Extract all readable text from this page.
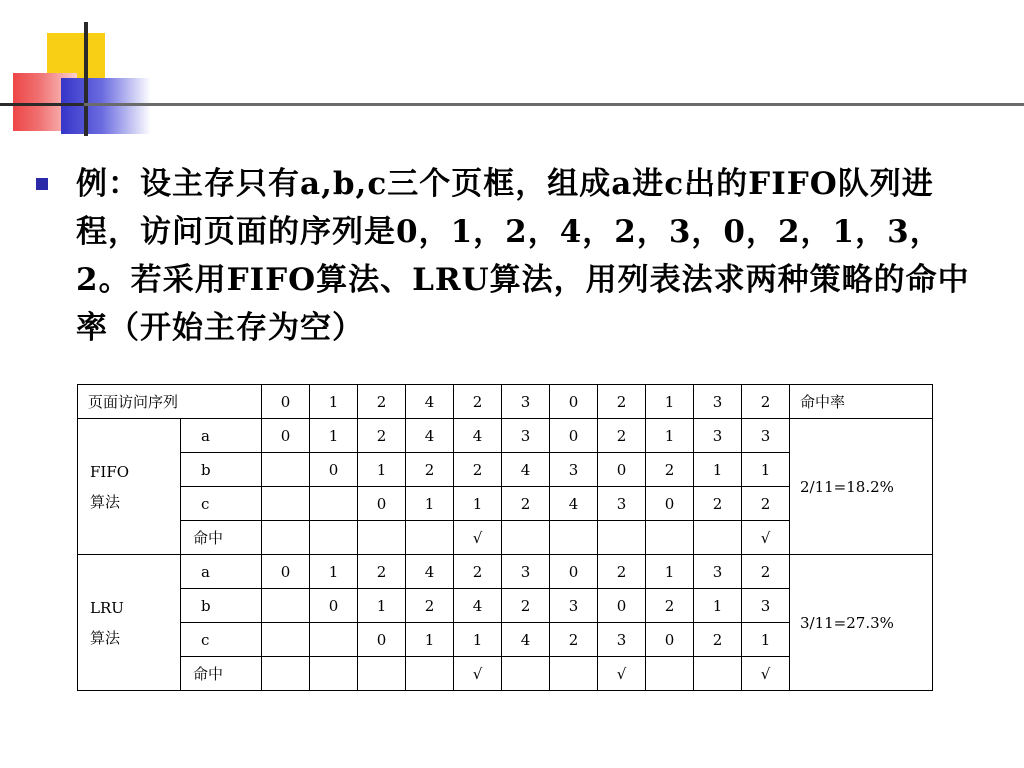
例：设主存只有a,b,c三个页框，组成a进c出的FIFO队列进程，访问页面的序列是0，1，2，4，2，3，0，2，1，3，2。若采用FIFO算法、LRU算法，用列表法求两种策略的命中率（开始主存为空）
页面访问序列		0	1	2	4	2	3	0	2	1	3	2	命中率

FIFO
算法	a	0	1	2	4	4	3	0	2	1	3	3	2/11=18.2%
	b		0	1	2	2	4	3	0	2	1	1	
	c			0	1	1	2	4	3	0	2	2	
	命中					√						√	

LRU
算法	a	0	1	2	4	2	3	0	2	1	3	2	3/11=27.3%
	b		0	1	2	4	2	3	0	2	1	3	
	c			0	1	1	4	2	3	0	2	1	
	命中					√			√			√	
